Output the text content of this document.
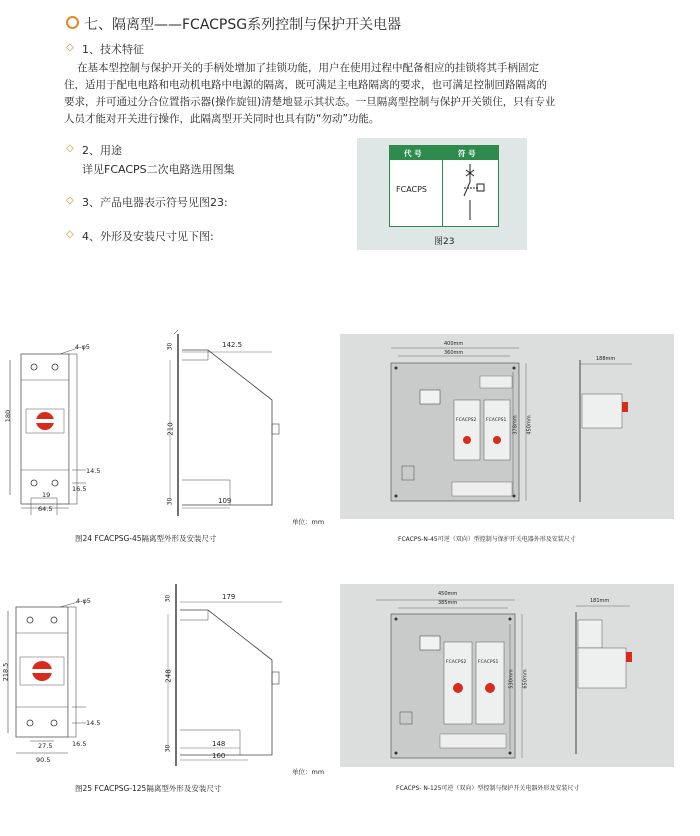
七、隔离型——FCACPSG系列控制与保护开关电器
◇ 1、技术特征

在基本型控制与保护开关的手柄处增加了挂锁功能，用户在使用过程中配备相应的挂锁将其手柄固定

住，适用于配电电路和电动机电路中电源的隔离，既可满足主电路隔离的要求，也可满足控制回路隔离的

要求，并可通过分合位置指示器(操作旋钮)清楚地显示其状态。一旦隔离型控制与保护开关锁住，只有专业

人员才能对开关进行操作，此隔离型开关同时也具有防“勿动”功能。

◇ 2、用途
详见FCACPS二次电路选用图集
◇ 3、产品电器表示符号见图23:
◇ 4、外形及安装尺寸见下图:
代 号	符 号
FCACPS
图23
4-φ5
180
14.5
16.5
19
64.5
142.5
30
210
30	109
单位：mm
图24 FCACPSG-45隔离型外形及安装尺寸
400mm
360mm
450mm
378mm
188mm
FCACPS2 FCACPS1
FCACPS-N-45可逆（双向）型控制与保护开关电器外形及安装尺寸
4-φ5
218.5
14.5
16.5
27.5
90.5
179
30
248
30
148
160
单位：mm
图25 FCACPSG-125隔离型外形及安装尺寸
450mm
385mm
650mm
530mm
181mm
FCACPS2	FCACPS1
FCACPS- N-125可逆（双向）型控制与保护开关电器外形及安装尺寸
